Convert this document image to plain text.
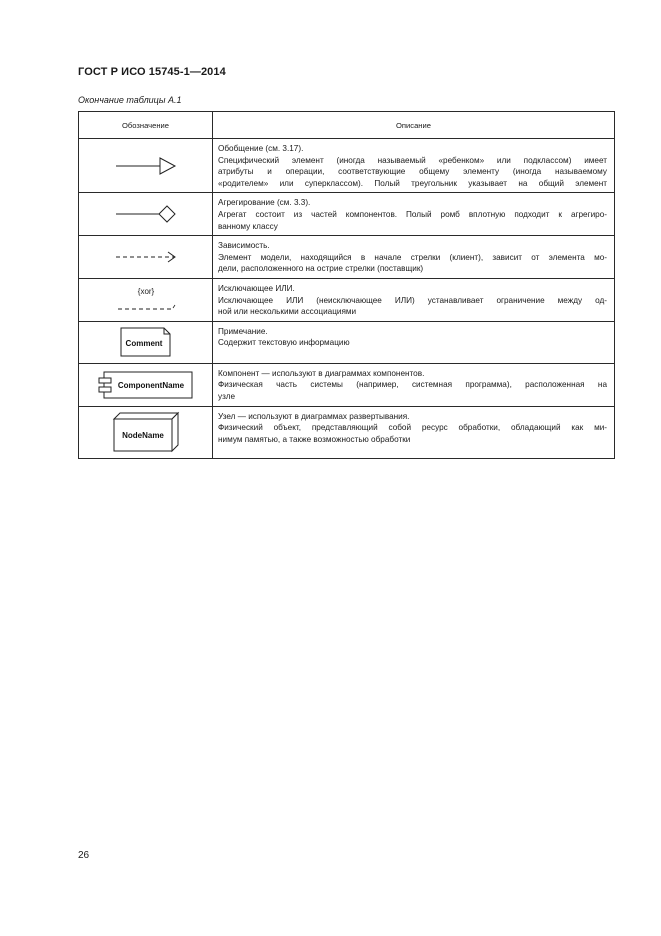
ГОСТ Р ИСО 15745-1—2014
Окончание таблицы А.1
Обозначение	Описание

Обобщение (см. 3.17).
Специфический элемент (иногда называемый «ребенком» или подклассом) имеет
атрибуты и операции, соответствующие общему элементу (иногда называемому
«родителем» или суперклассом). Полый треугольник указывает на общий элемент

Агрегирование (см. 3.3).
Агрегат состоит из частей компонентов. Полый ромб вплотную подходит к агрегиро-
ванному классу

Зависимость.
Элемент модели, находящийся в начале стрелки (клиент), зависит от элемента мо-
дели, расположенного на острие стрелки (поставщик)

{xor}	Исключающее ИЛИ.
Исключающее ИЛИ (неисключающее ИЛИ) устанавливает ограничение между од-
ной или несколькими ассоциациями

Comment	Примечание.
Содержит текстовую информацию

ComponentName	Компонент — используют в диаграммах компонентов.
Физическая часть системы (например, системная программа), расположенная на
узле

NodeName	Узел — используют в диаграммах развертывания.
Физический объект, представляющий собой ресурс обработки, обладающий как ми-
нимум памятью, а также возможностью обработки
26
